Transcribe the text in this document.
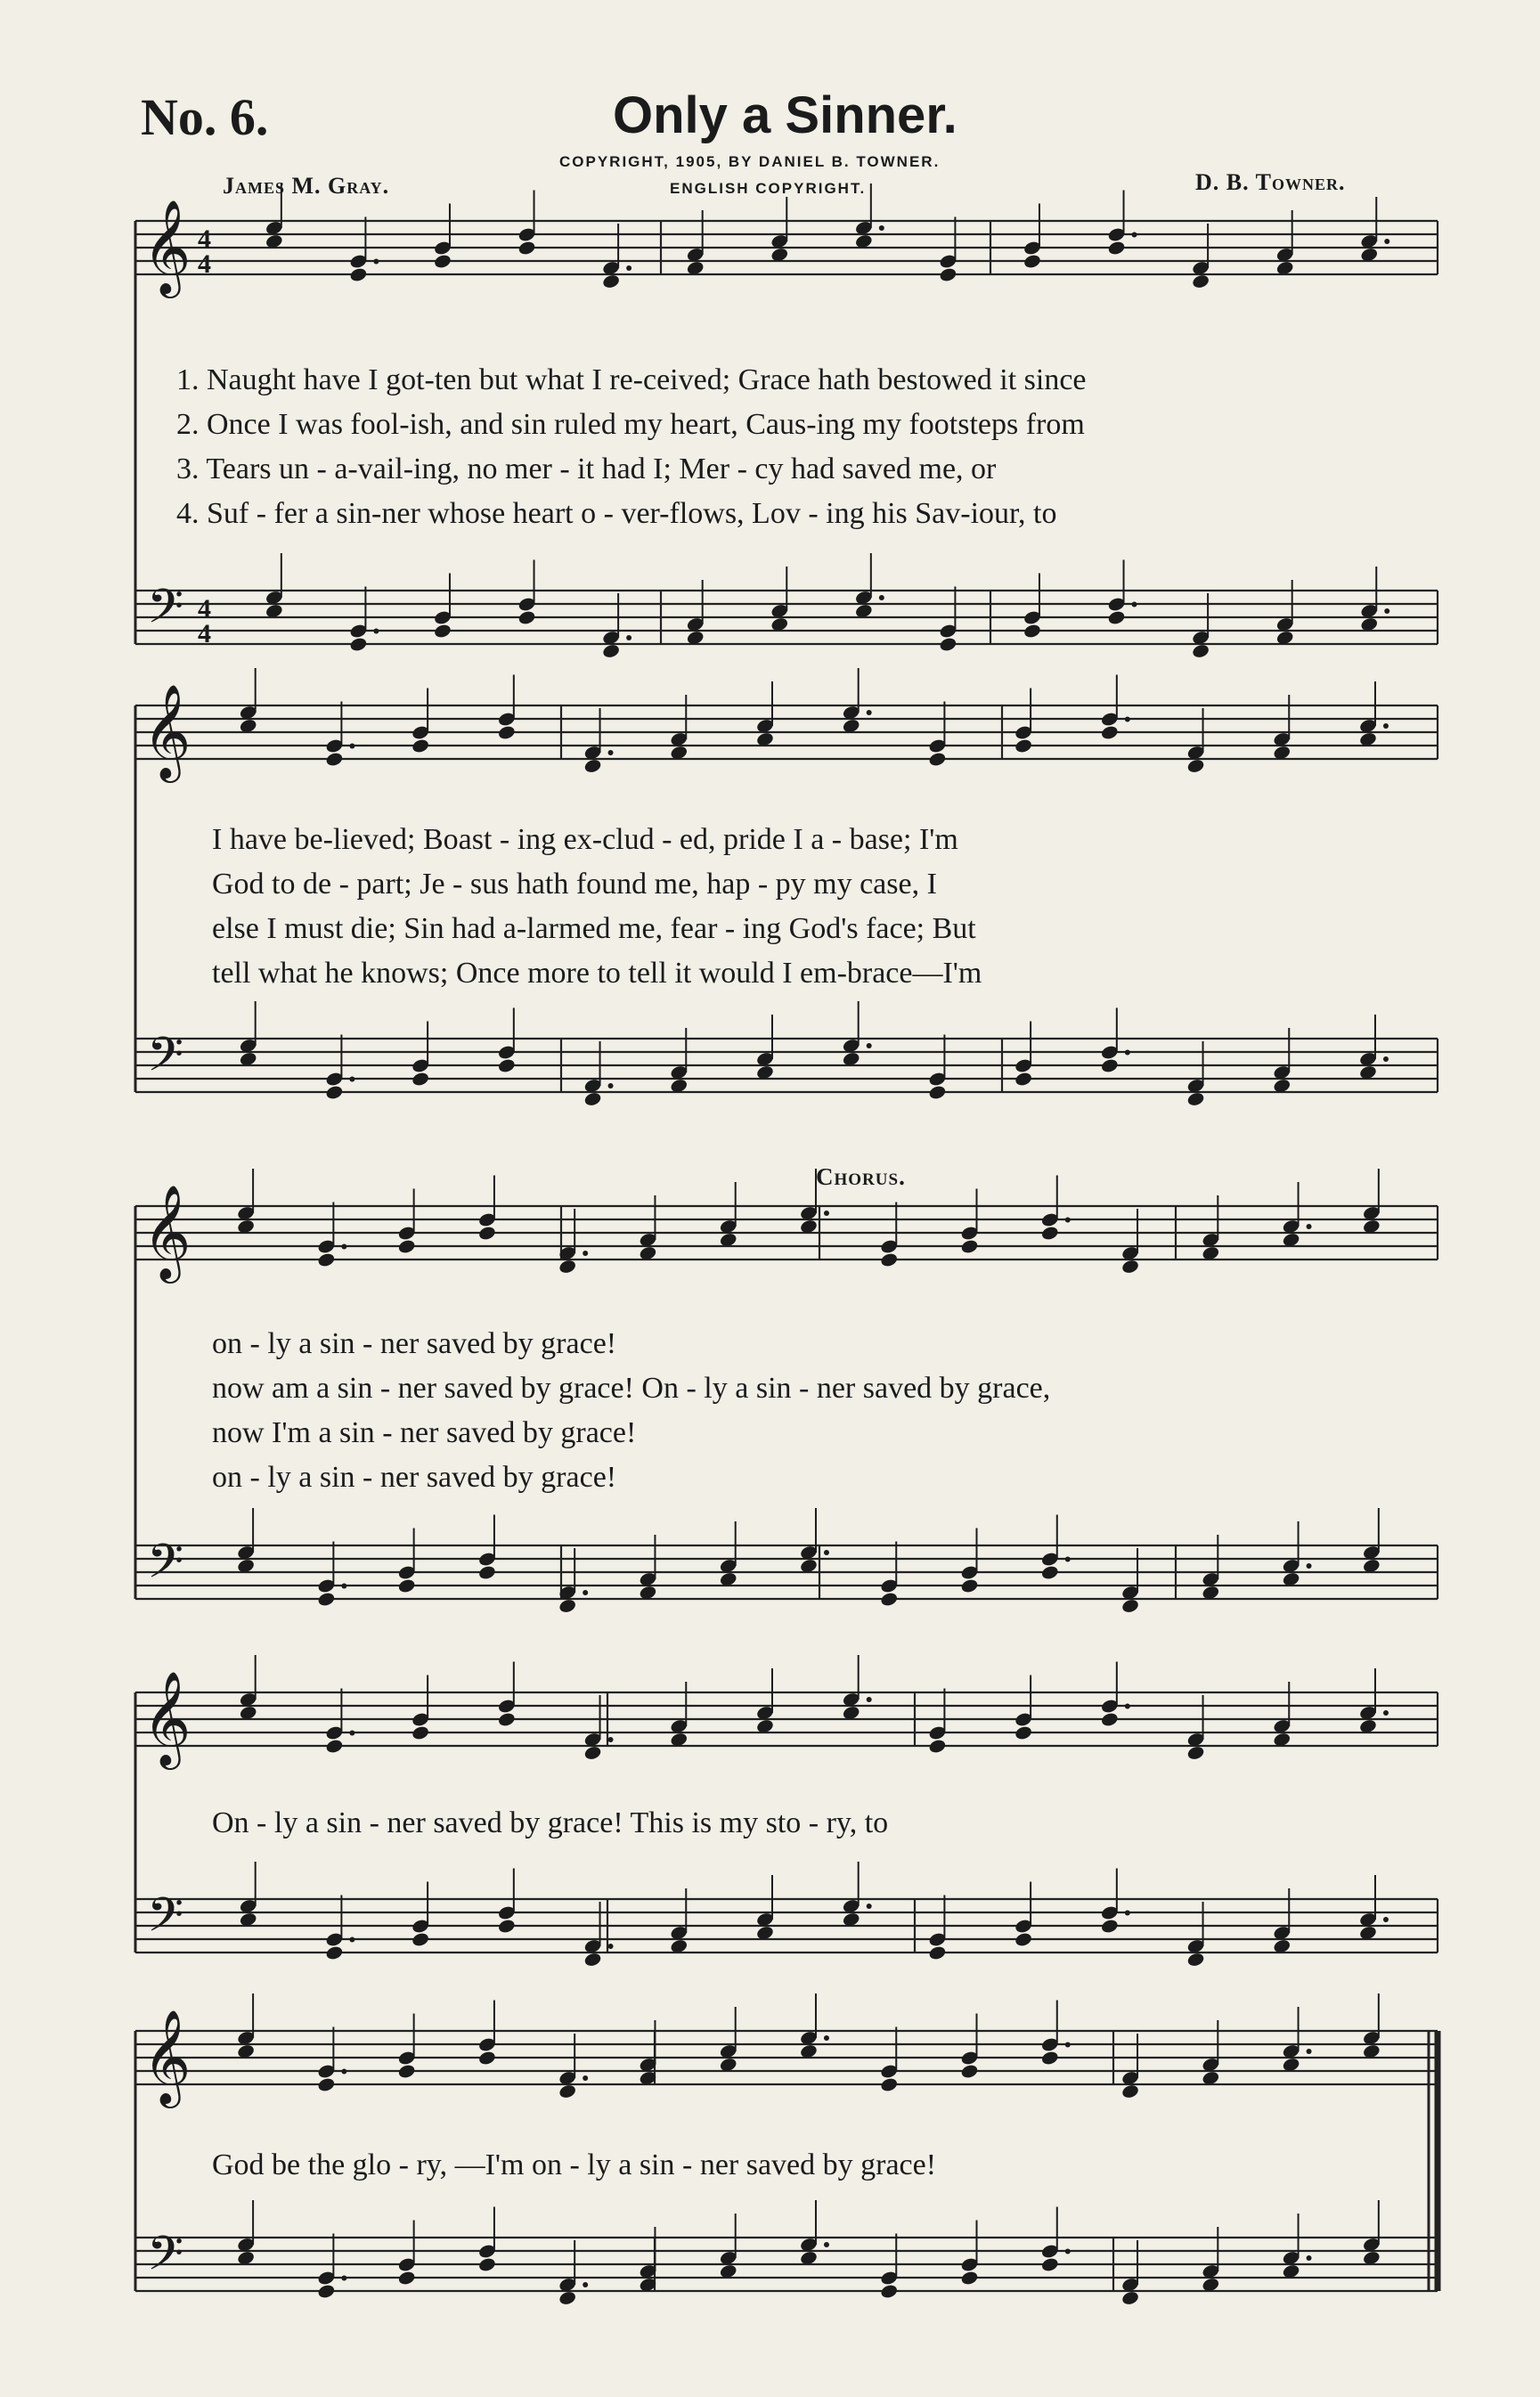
No. 6.	Only a Sinner.
James M. Gray.
COPYRIGHT, 1905, BY DANIEL B. TOWNER.
ENGLISH COPYRIGHT.	D. B. Towner.
Chorus.
1. Naught have I got-ten but what I re-ceived; Grace hath bestowed it since
2. Once I was fool-ish, and sin ruled my heart, Caus-ing my footsteps from
3. Tears un - a-vail-ing, no mer - it had I; Mer - cy had saved me, or
4. Suf - fer a sin-ner whose heart o - ver-flows, Lov - ing his Sav-iour, to
I have be-lieved; Boast - ing ex-clud - ed, pride I a - base; I'm
God to de - part; Je - sus hath found me, hap - py my case, I
else I must die; Sin had a-larmed me, fear - ing God's face; But
tell what he knows; Once more to tell it would I em-brace—I'm
on - ly a sin - ner saved by grace!
now am a sin - ner saved by grace! On - ly a sin - ner saved by grace,
now I'm a sin - ner saved by grace!
on - ly a sin - ner saved by grace!
On - ly a sin - ner saved by grace! This is my sto - ry, to
God be the glo - ry, —I'm on - ly a sin - ner saved by grace!
𝄞
𝄢
4
4
4
4
𝄞
𝄢
𝄞
𝄢
𝄞
𝄢
𝄞
𝄢
